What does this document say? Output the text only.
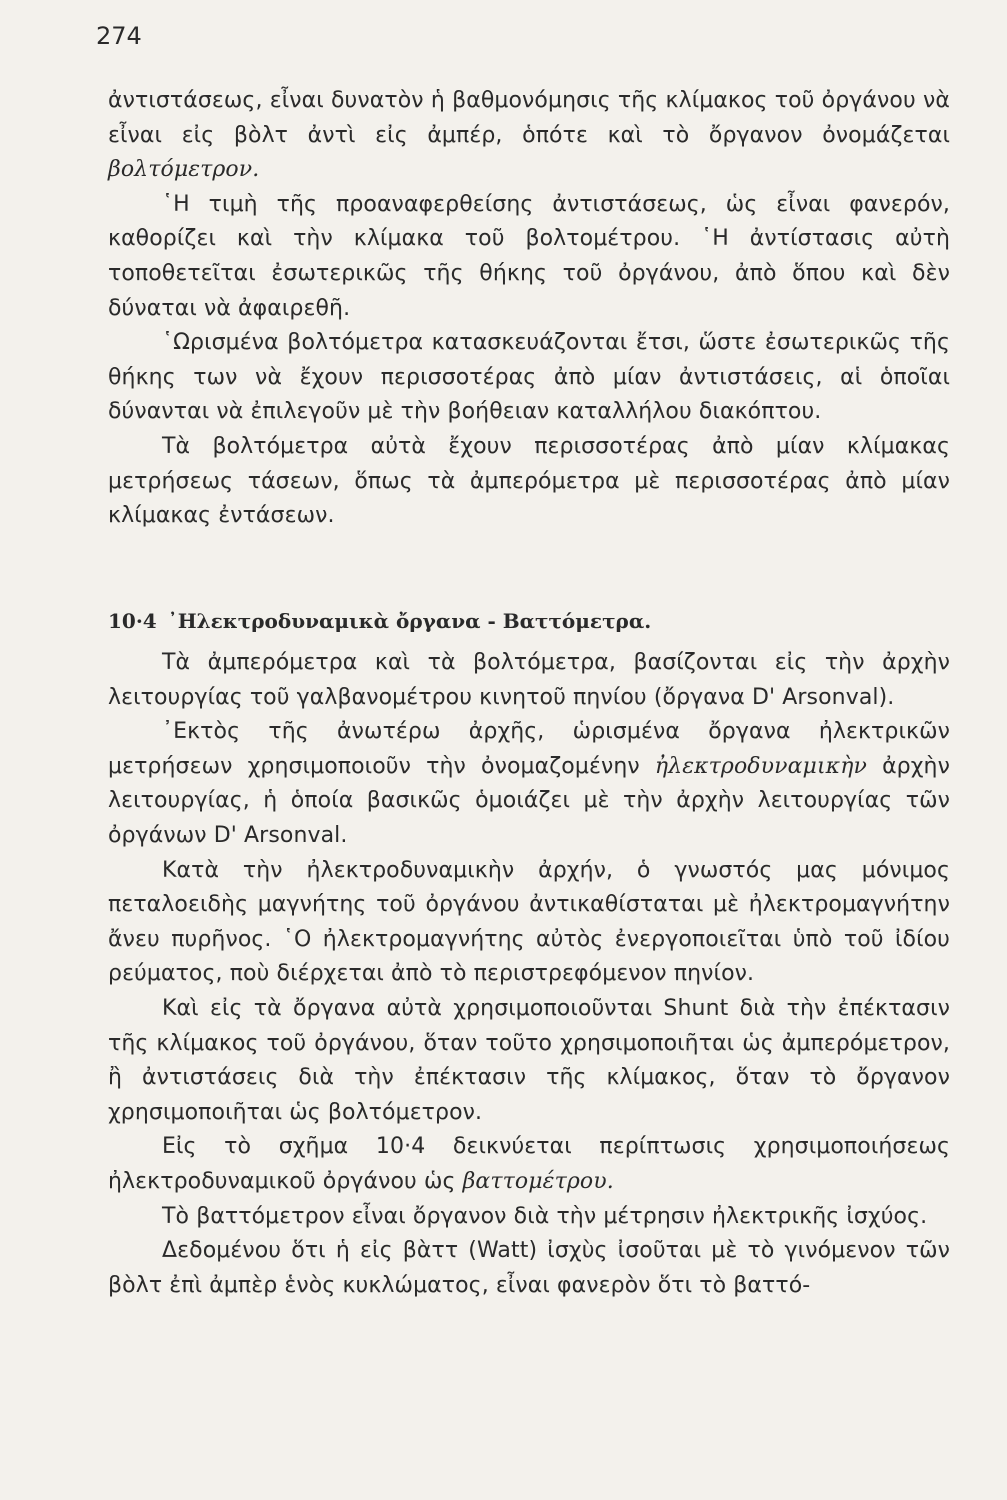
274

ἀντιστάσεως, εἶναι δυνατὸν ἡ βαθμονόμησις τῆς κλίμακος τοῦ ὀργάνου νὰ εἶναι εἰς βὸλτ ἀντὶ εἰς ἀμπέρ, ὁπότε καὶ τὸ ὄργανον ὀνομάζεται βολτόμετρον.

῾Η τιμὴ τῆς προαναφερθείσης ἀντιστάσεως, ὡς εἶναι φανερόν, καθορίζει καὶ τὴν κλίμακα τοῦ βολτομέτρου. ῾Η ἀντίστασις αὐτὴ τοποθετεῖται ἐσωτερικῶς τῆς θήκης τοῦ ὀργάνου, ἀπὸ ὅπου καὶ δὲν δύναται νὰ ἀφαιρεθῆ.

῾Ωρισμένα βολτόμετρα κατασκευάζονται ἔτσι, ὥστε ἐσωτερικῶς τῆς θήκης των νὰ ἔχουν περισσοτέρας ἀπὸ μίαν ἀντιστάσεις, αἱ ὁποῖαι δύνανται νὰ ἐπιλεγοῦν μὲ τὴν βοήθειαν καταλλήλου διακόπτου.

Τὰ βολτόμετρα αὐτὰ ἔχουν περισσοτέρας ἀπὸ μίαν κλίμακας μετρήσεως τάσεων, ὅπως τὰ ἀμπερόμετρα μὲ περισσοτέρας ἀπὸ μίαν κλίμακας ἐντάσεων.

10·4 ᾿Ηλεκτροδυναμικὰ ὄργανα - Βαττόμετρα.

Τὰ ἀμπερόμετρα καὶ τὰ βολτόμετρα, βασίζονται εἰς τὴν ἀρχὴν λειτουργίας τοῦ γαλβανομέτρου κινητοῦ πηνίου (ὄργανα D' Arsonval).

᾿Εκτὸς τῆς ἀνωτέρω ἀρχῆς, ὡρισμένα ὄργανα ἠλεκτρικῶν μετρήσεων χρησιμοποιοῦν τὴν ὀνομαζομένην ἠλεκτροδυναμικὴν ἀρχὴν λειτουργίας, ἡ ὁποία βασικῶς ὁμοιάζει μὲ τὴν ἀρχὴν λειτουργίας τῶν ὀργάνων D' Arsonval.

Κατὰ τὴν ἠλεκτροδυναμικὴν ἀρχήν, ὁ γνωστός μας μόνιμος πεταλοειδὴς μαγνήτης τοῦ ὀργάνου ἀντικαθίσταται μὲ ἠλεκτρομαγνήτην ἄνευ πυρῆνος. ῾Ο ἠλεκτρομαγνήτης αὐτὸς ἐνεργοποιεῖται ὑπὸ τοῦ ἰδίου ρεύματος, ποὺ διέρχεται ἀπὸ τὸ περιστρεφόμενον πηνίον.

Καὶ εἰς τὰ ὄργανα αὐτὰ χρησιμοποιοῦνται Shunt διὰ τὴν ἐπέκτασιν τῆς κλίμακος τοῦ ὀργάνου, ὅταν τοῦτο χρησιμοποιῆται ὡς ἀμπερόμετρον, ἢ ἀντιστάσεις διὰ τὴν ἐπέκτασιν τῆς κλίμακος, ὅταν τὸ ὄργανον χρησιμοποιῆται ὡς βολτόμετρον.

Εἰς τὸ σχῆμα 10·4 δεικνύεται περίπτωσις χρησιμοποιήσεως ἠλεκτροδυναμικοῦ ὀργάνου ὡς βαττομέτρου.

Τὸ βαττόμετρον εἶναι ὄργανον διὰ τὴν μέτρησιν ἠλεκτρικῆς ἰσχύος.

Δεδομένου ὅτι ἡ εἰς βὰττ (Watt) ἰσχὺς ἰσοῦται μὲ τὸ γινόμενον τῶν βὸλτ ἐπὶ ἀμπὲρ ἑνὸς κυκλώματος, εἶναι φανερὸν ὅτι τὸ βαττό-
